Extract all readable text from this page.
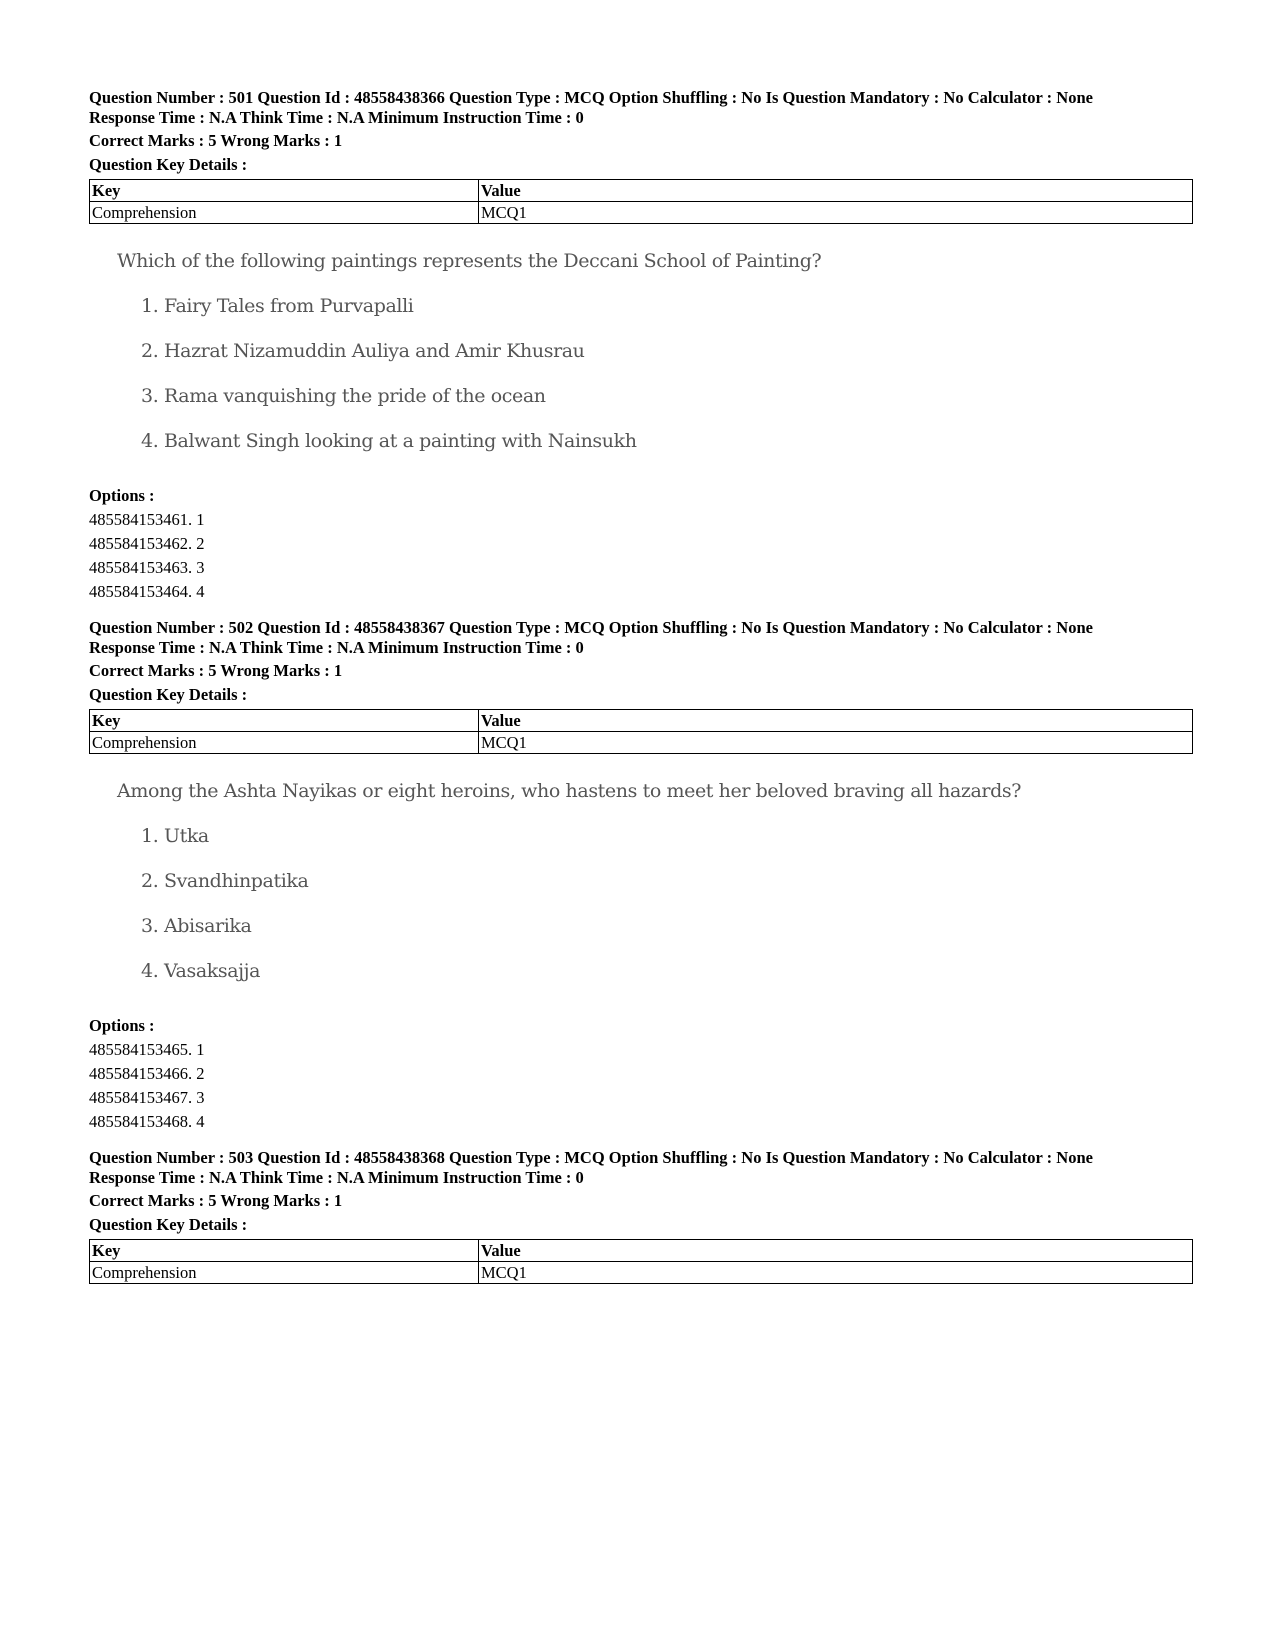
Question Number : 501 Question Id : 48558438366 Question Type : MCQ Option Shuffling : No Is Question Mandatory : No Calculator : None
Response Time : N.A Think Time : N.A Minimum Instruction Time : 0
Correct Marks : 5 Wrong Marks : 1
Question Key Details :
Key	Value
Comprehension	MCQ1
Which of the following paintings represents the Deccani School of Painting?
1. Fairy Tales from Purvapalli
2. Hazrat Nizamuddin Auliya and Amir Khusrau
3. Rama vanquishing the pride of the ocean
4. Balwant Singh looking at a painting with Nainsukh
Options :
485584153461. 1
485584153462. 2
485584153463. 3
485584153464. 4
Question Number : 502 Question Id : 48558438367 Question Type : MCQ Option Shuffling : No Is Question Mandatory : No Calculator : None
Response Time : N.A Think Time : N.A Minimum Instruction Time : 0
Correct Marks : 5 Wrong Marks : 1
Question Key Details :
Key	Value
Comprehension	MCQ1
Among the Ashta Nayikas or eight heroins, who hastens to meet her beloved braving all hazards?
1. Utka
2. Svandhinpatika
3. Abisarika
4. Vasaksajja
Options :
485584153465. 1
485584153466. 2
485584153467. 3
485584153468. 4
Question Number : 503 Question Id : 48558438368 Question Type : MCQ Option Shuffling : No Is Question Mandatory : No Calculator : None
Response Time : N.A Think Time : N.A Minimum Instruction Time : 0
Correct Marks : 5 Wrong Marks : 1
Question Key Details :
Key	Value
Comprehension	MCQ1
